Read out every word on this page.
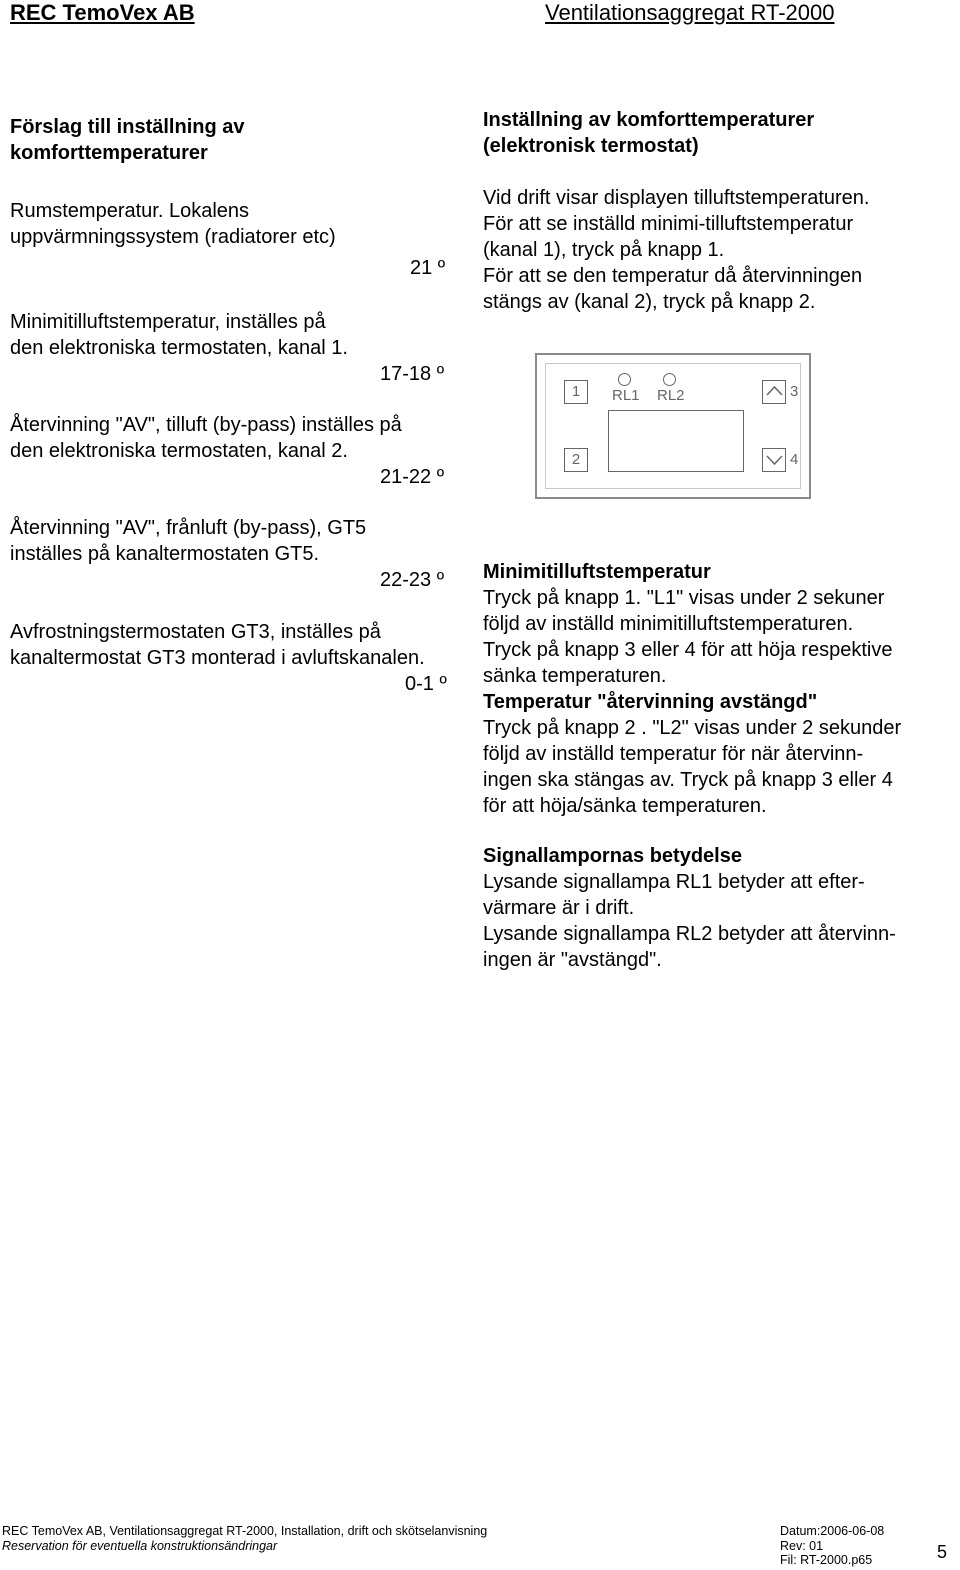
REC TemoVex AB	Ventilationsaggregat RT-2000
Förslag till inställning av
komforttemperaturer
Rumstemperatur. Lokalens
uppvärmningssystem (radiatorer etc)
21 º
Minimitilluftstemperatur, inställes på
den elektroniska termostaten, kanal 1.
17-18 º
Återvinning "AV", tilluft (by-pass) inställes på
den elektroniska termostaten, kanal 2.
21-22 º
Återvinning "AV", frånluft (by-pass), GT5
inställes på kanaltermostaten GT5.
22-23 º
Avfrostningstermostaten GT3, inställes på
kanaltermostat GT3 monterad i avluftskanalen.
0-1 º
Inställning av komforttemperaturer
(elektronisk termostat)
Vid drift visar displayen tilluftstemperaturen.
För att se inställd minimi-tilluftstemperatur
(kanal 1), tryck på knapp 1.
För att se den temperatur då återvinningen
stängs av (kanal 2), tryck på knapp 2.
1
2
RL1 RL2	3
4
Minimitilluftstemperatur
Tryck på knapp 1. "L1" visas under 2 sekuner
följd av inställd minimitilluftstemperaturen.
Tryck på knapp 3 eller 4 för att höja respektive
sänka temperaturen.
Temperatur "återvinning avstängd"
Tryck på knapp 2 . "L2" visas under 2 sekunder
följd av inställd temperatur för när återvinn-
ingen ska stängas av. Tryck på knapp 3 eller 4
för att höja/sänka temperaturen.
Signallampornas betydelse
Lysande signallampa RL1 betyder att efter-
värmare är i drift.
Lysande signallampa RL2 betyder att återvinn-
ingen är "avstängd".
REC TemoVex AB, Ventilationsaggregat RT-2000, Installation, drift och skötselanvisning
Reservation för eventuella konstruktionsändringar
Datum:2006-06-08
Rev: 01
Fil: RT-2000.p65	5
